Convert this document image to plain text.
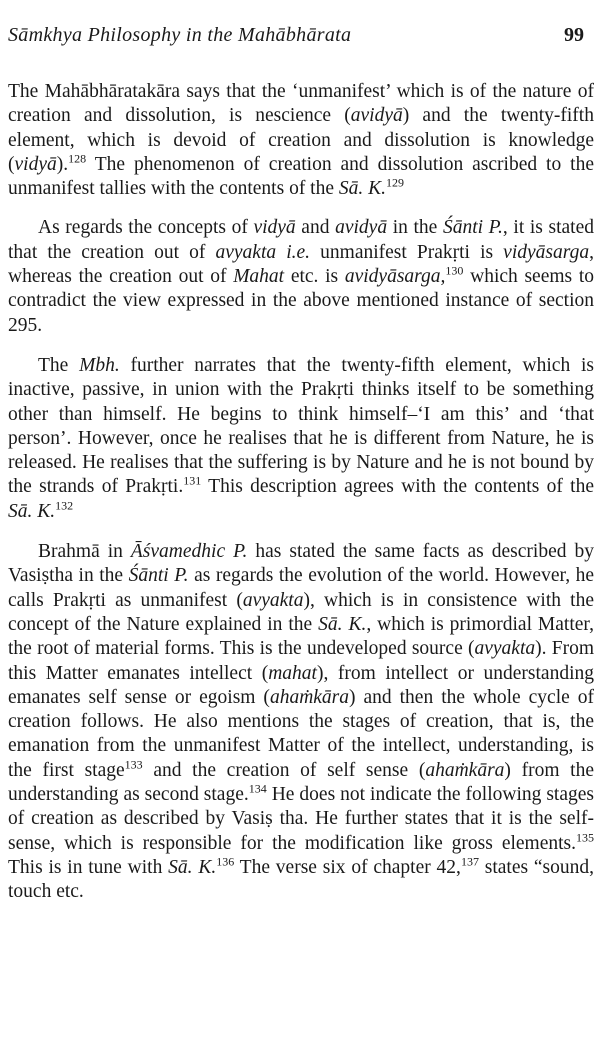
Sāmkhya Philosophy in the Mahābhārata	99

The Mahābhāratakāra says that the ‘unmanifest’ which is of the nature of creation and dissolution, is nescience (avidyā) and the twenty-fifth element, which is devoid of creation and dissolution is knowledge (vidyā).$^{128}$ The phenomenon of creation and dissolution ascribed to the unmanifest tallies with the contents of the Sā. K.$^{129}$

As regards the concepts of vidyā and avidyā in the Śānti P., it is stated that the creation out of avyakta i.e. unmanifest Prakṛti is vidyāsarga, whereas the creation out of Mahat etc. is avidyāsarga,$^{130}$ which seems to contradict the view expressed in the above mentioned instance of section 295.

The Mbh. further narrates that the twenty-fifth element, which is inactive, passive, in union with the Prakṛti thinks itself to be something other than himself. He begins to think himself–‘I am this’ and ‘that person’. However, once he realises that he is different from Nature, he is released. He realises that the suffering is by Nature and he is not bound by the strands of Prakṛti.$^{131}$ This description agrees with the contents of the Sā. K.$^{132}$

Brahmā in Āśvamedhic P. has stated the same facts as described by Vasiṣtha in the Śānti P. as regards the evolution of the world. However, he calls Prakṛti as unmanifest (avyakta), which is in consistence with the concept of the Nature explained in the Sā. K., which is primordial Matter, the root of material forms. This is the undeveloped source (avyakta). From this Matter emanates intellect (mahat), from intellect or understanding emanates self sense or egoism (ahaṁkāra) and then the whole cycle of creation follows. He also mentions the stages of creation, that is, the emanation from the unmanifest Matter of the intellect, understanding, is the first stage$^{133}$ and the creation of self sense (ahaṁkāra) from the understanding as second stage.$^{134}$ He does not indicate the following stages of creation as described by Vasiṣ tha. He further states that it is the self-sense, which is responsible for the modification like gross elements.$^{135}$ This is in tune with Sā. K.$^{136}$ The verse six of chapter 42,$^{137}$ states “sound, touch etc.
